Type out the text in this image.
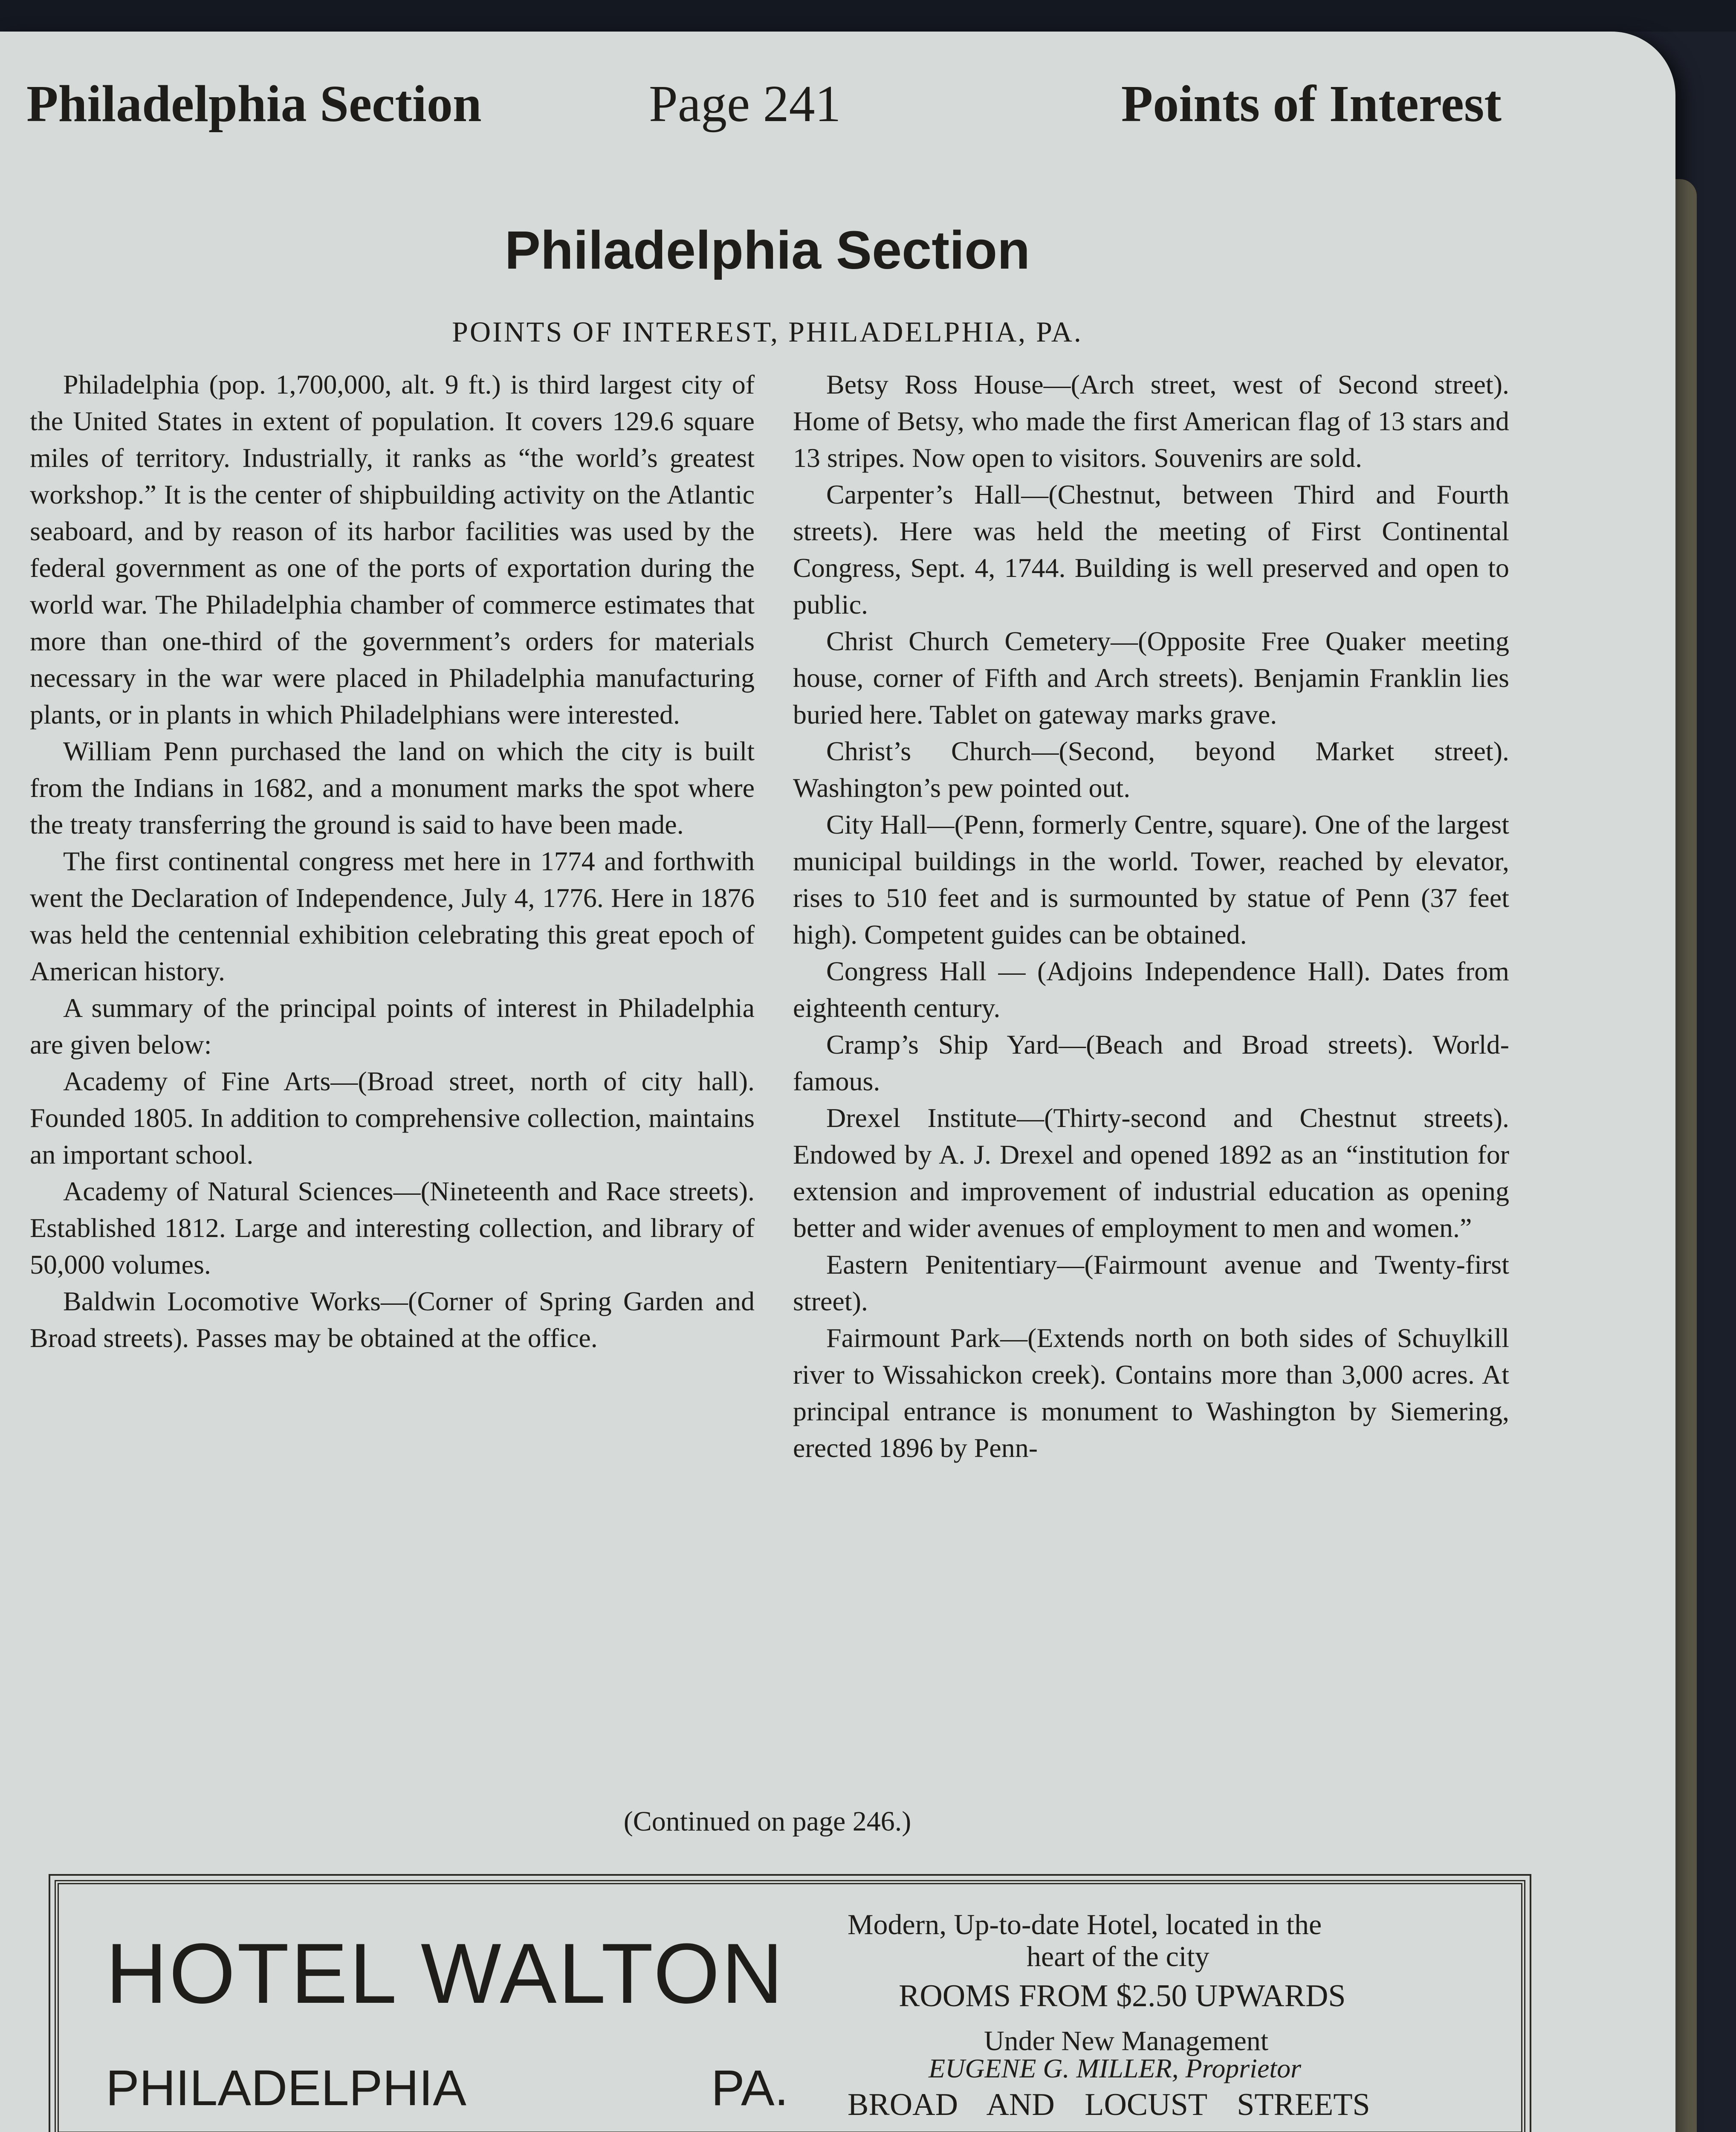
Philadelphia Section	Page 241	Points of Interest
Philadelphia Section
POINTS OF INTEREST, PHILADELPHIA, PA.

Philadelphia (pop. 1,700,000, alt. 9 ft.) is third largest city of the United States in extent of population. It covers 129.6 square miles of territory. Industrially, it ranks as “the world’s greatest workshop.” It is the center of shipbuilding activity on the Atlantic seaboard, and by reason of its harbor facilities was used by the federal government as one of the ports of exportation during the world war. The Philadelphia chamber of commerce estimates that more than one-third of the government’s orders for materials necessary in the war were placed in Philadelphia manufacturing plants, or in plants in which Philadelphians were interested.

William Penn purchased the land on which the city is built from the Indians in 1682, and a monument marks the spot where the treaty transferring the ground is said to have been made.

The first continental congress met here in 1774 and forthwith went the Declaration of Independence, July 4, 1776. Here in 1876 was held the centennial exhibition celebrating this great epoch of American history.

A summary of the principal points of interest in Philadelphia are given below:

Academy of Fine Arts—(Broad street, north of city hall). Founded 1805. In addition to comprehensive collection, maintains an important school.

Academy of Natural Sciences—(Nineteenth and Race streets). Established 1812. Large and interesting collection, and library of 50,000 volumes.

Baldwin Locomotive Works—(Corner of Spring Garden and Broad streets). Passes may be obtained at the office.

Betsy Ross House—(Arch street, west of Second street). Home of Betsy, who made the first American flag of 13 stars and 13 stripes. Now open to visitors. Souvenirs are sold.

Carpenter’s Hall—(Chestnut, between Third and Fourth streets). Here was held the meeting of First Continental Congress, Sept. 4, 1744. Building is well preserved and open to public.

Christ Church Cemetery—(Opposite Free Quaker meeting house, corner of Fifth and Arch streets). Benjamin Franklin lies buried here. Tablet on gateway marks grave.

Christ’s Church—(Second, beyond Market street). Washington’s pew pointed out.

City Hall—(Penn, formerly Centre, square). One of the largest municipal buildings in the world. Tower, reached by elevator, rises to 510 feet and is surmounted by statue of Penn (37 feet high). Competent guides can be obtained.

Congress Hall — (Adjoins Independence Hall). Dates from eighteenth century.

Cramp’s Ship Yard—(Beach and Broad streets). World-famous.

Drexel Institute—(Thirty-second and Chestnut streets). Endowed by A. J. Drexel and opened 1892 as an “institution for extension and improvement of industrial education as opening better and wider avenues of employment to men and women.”

Eastern Penitentiary—(Fairmount avenue and Twenty-first street).

Fairmount Park—(Extends north on both sides of Schuylkill river to Wissahickon creek). Contains more than 3,000 acres. At principal entrance is monument to Washington by Siemering, erected 1896 by Penn-

(Continued on page 246.)
HOTEL WALTON
PHILADELPHIA	PA.
Modern, Up-to-date Hotel, located in the
heart of the city
ROOMS FROM $2.50 UPWARDS
Under New Management
EUGENE G. MILLER, Proprietor
BROAD AND LOCUST STREETS
